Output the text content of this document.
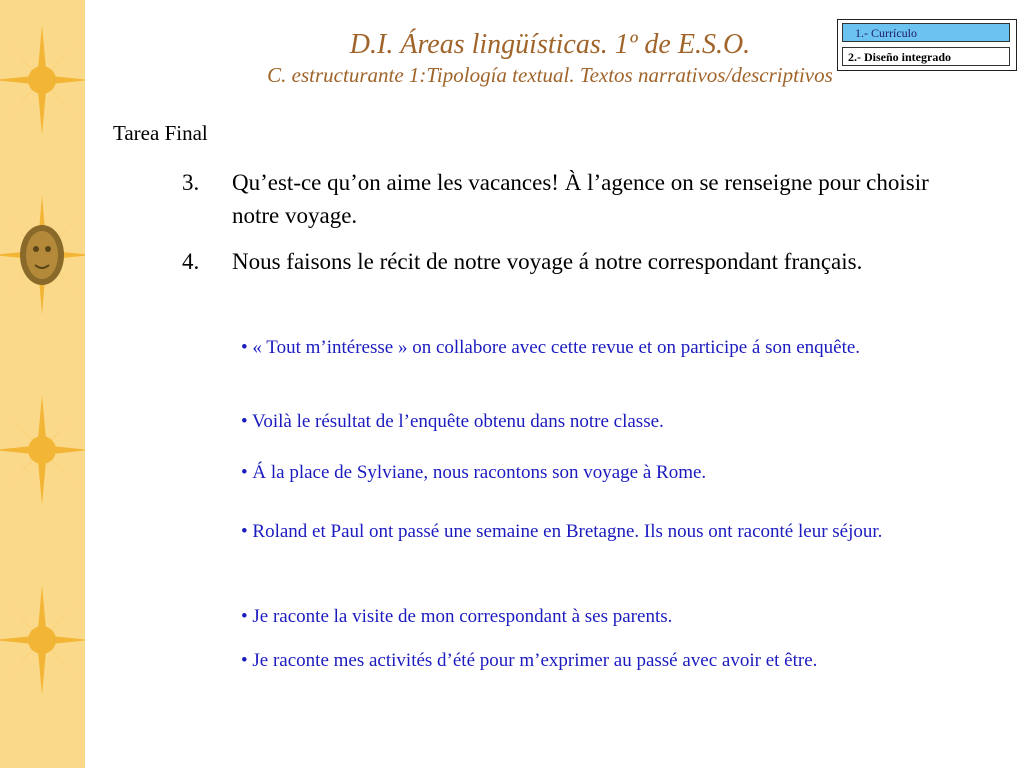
D.I. Áreas lingüísticas. 1º de E.S.O.
C. estructurante 1:Tipología textual. Textos narrativos/descriptivos
1.- Currículo
2.- Diseño integrado
Tarea Final
3. Qu’est-ce qu’on aime les vacances! À l’agence on se renseigne pour choisir notre voyage.
4. Nous faisons le récit de notre voyage á notre correspondant français.
• « Tout m’intéresse » on collabore avec cette revue et on participe á son enquête.
• Voilà le résultat de l’enquête obtenu dans notre classe.
• Á la place de Sylviane, nous racontons son voyage à Rome.
• Roland et Paul ont passé une semaine en Bretagne. Ils nous ont raconté leur séjour.
• Je raconte la visite de mon correspondant à ses parents.
• Je raconte mes activités d’été pour m’exprimer au passé avec avoir et être.
